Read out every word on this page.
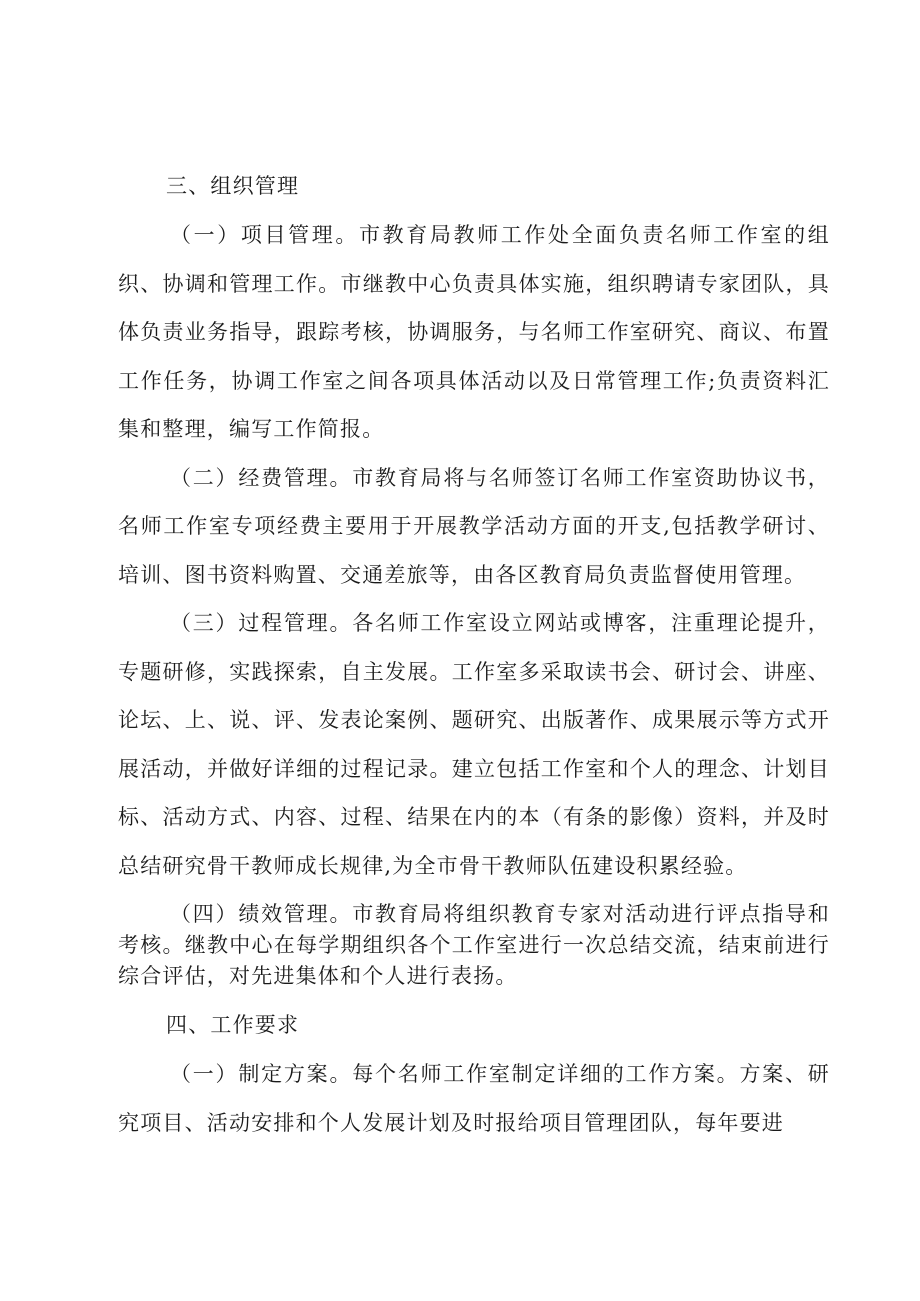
三、组织管理

（一）项目管理。市教育局教师工作处全面负责名师工作室的组织、协调和管理工作。市继教中心负责具体实施，组织聘请专家团队，具体负责业务指导，跟踪考核，协调服务，与名师工作室研究、商议、布置工作任务，协调工作室之间各项具体活动以及日常管理工作;负责资料汇集和整理，编写工作简报。

（二）经费管理。市教育局将与名师签订名师工作室资助协议书，名师工作室专项经费主要用于开展教学活动方面的开支,包括教学研讨、培训、图书资料购置、交通差旅等，由各区教育局负责监督使用管理。

（三）过程管理。各名师工作室设立网站或博客，注重理论提升，专题研修，实践探索，自主发展。工作室多采取读书会、研讨会、讲座、论坛、上、说、评、发表论案例、题研究、出版著作、成果展示等方式开展活动，并做好详细的过程记录。建立包括工作室和个人的理念、计划目标、活动方式、内容、过程、结果在内的本（有条的影像）资料，并及时总结研究骨干教师成长规律,为全市骨干教师队伍建设积累经验。

（四）绩效管理。市教育局将组织教育专家对活动进行评点指导和考核。继教中心在每学期组织各个工作室进行一次总结交流，结束前进行综合评估，对先进集体和个人进行表扬。

四、工作要求

（一）制定方案。每个名师工作室制定详细的工作方案。方案、研究项目、活动安排和个人发展计划及时报给项目管理团队，每年要进
